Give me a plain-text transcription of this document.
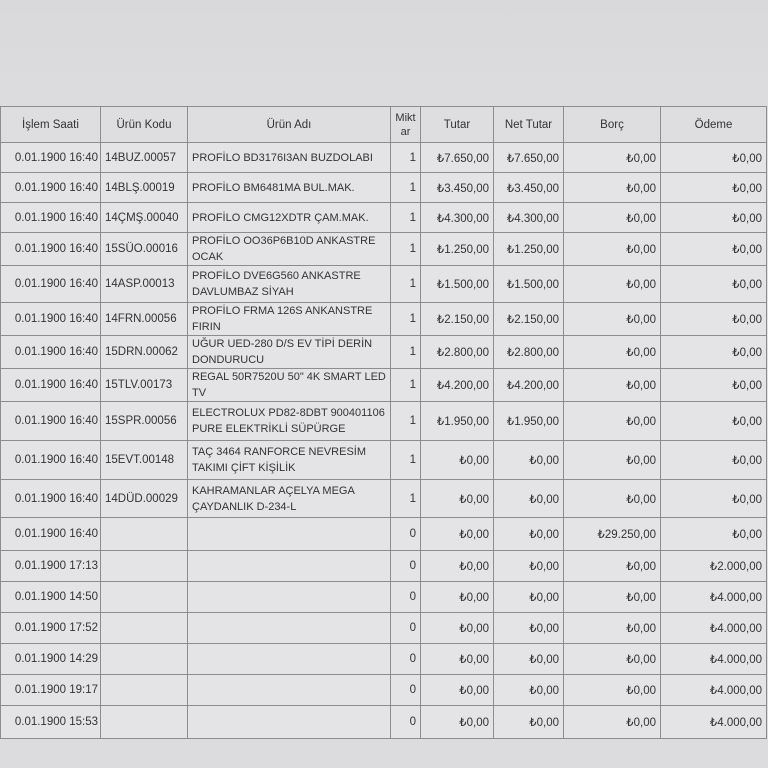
İşlem Saati	Ürün Kodu	Ürün Adı	Mikt ar	Tutar	Net Tutar	Borç	Ödeme
0.01.1900 16:40	14BUZ.00057	PROFİLO BD3176I3AN BUZDOLABI	1	₺7.650,00	₺7.650,00	₺0,00	₺0,00
0.01.1900 16:40	14BLŞ.00019	PROFİLO BM6481MA BUL.MAK.	1	₺3.450,00	₺3.450,00	₺0,00	₺0,00
0.01.1900 16:40	14ÇMŞ.00040	PROFİLO CMG12XDTR ÇAM.MAK.	1	₺4.300,00	₺4.300,00	₺0,00	₺0,00
0.01.1900 16:40	15SÜO.00016	PROFİLO OO36P6B10D ANKASTRE OCAK	1	₺1.250,00	₺1.250,00	₺0,00	₺0,00
0.01.1900 16:40	14ASP.00013	PROFİLO DVE6G560 ANKASTRE DAVLUMBAZ SİYAH	1	₺1.500,00	₺1.500,00	₺0,00	₺0,00
0.01.1900 16:40	14FRN.00056	PROFİLO FRMA 126S ANKANSTRE FIRIN	1	₺2.150,00	₺2.150,00	₺0,00	₺0,00
0.01.1900 16:40	15DRN.00062	UĞUR UED-280 D/S EV TİPİ DERİN DONDURUCU	1	₺2.800,00	₺2.800,00	₺0,00	₺0,00
0.01.1900 16:40	15TLV.00173	REGAL 50R7520U 50" 4K SMART LED TV	1	₺4.200,00	₺4.200,00	₺0,00	₺0,00
0.01.1900 16:40	15SPR.00056	ELECTROLUX PD82-8DBT 900401106 PURE ELEKTRİKLİ SÜPÜRGE	1	₺1.950,00	₺1.950,00	₺0,00	₺0,00
0.01.1900 16:40	15EVT.00148	TAÇ 3464 RANFORCE NEVRESİM TAKIMI ÇİFT KİŞİLİK	1	₺0,00	₺0,00	₺0,00	₺0,00
0.01.1900 16:40	14DÜD.00029	KAHRAMANLAR AÇELYA MEGA ÇAYDANLIK D-234-L	1	₺0,00	₺0,00	₺0,00	₺0,00
0.01.1900 16:40			0	₺0,00	₺0,00	₺29.250,00	₺0,00
0.01.1900 17:13			0	₺0,00	₺0,00	₺0,00	₺2.000,00
0.01.1900 14:50			0	₺0,00	₺0,00	₺0,00	₺4.000,00
0.01.1900 17:52			0	₺0,00	₺0,00	₺0,00	₺4.000,00
0.01.1900 14:29			0	₺0,00	₺0,00	₺0,00	₺4.000,00
0.01.1900 19:17			0	₺0,00	₺0,00	₺0,00	₺4.000,00
0.01.1900 15:53			0	₺0,00	₺0,00	₺0,00	₺4.000,00
